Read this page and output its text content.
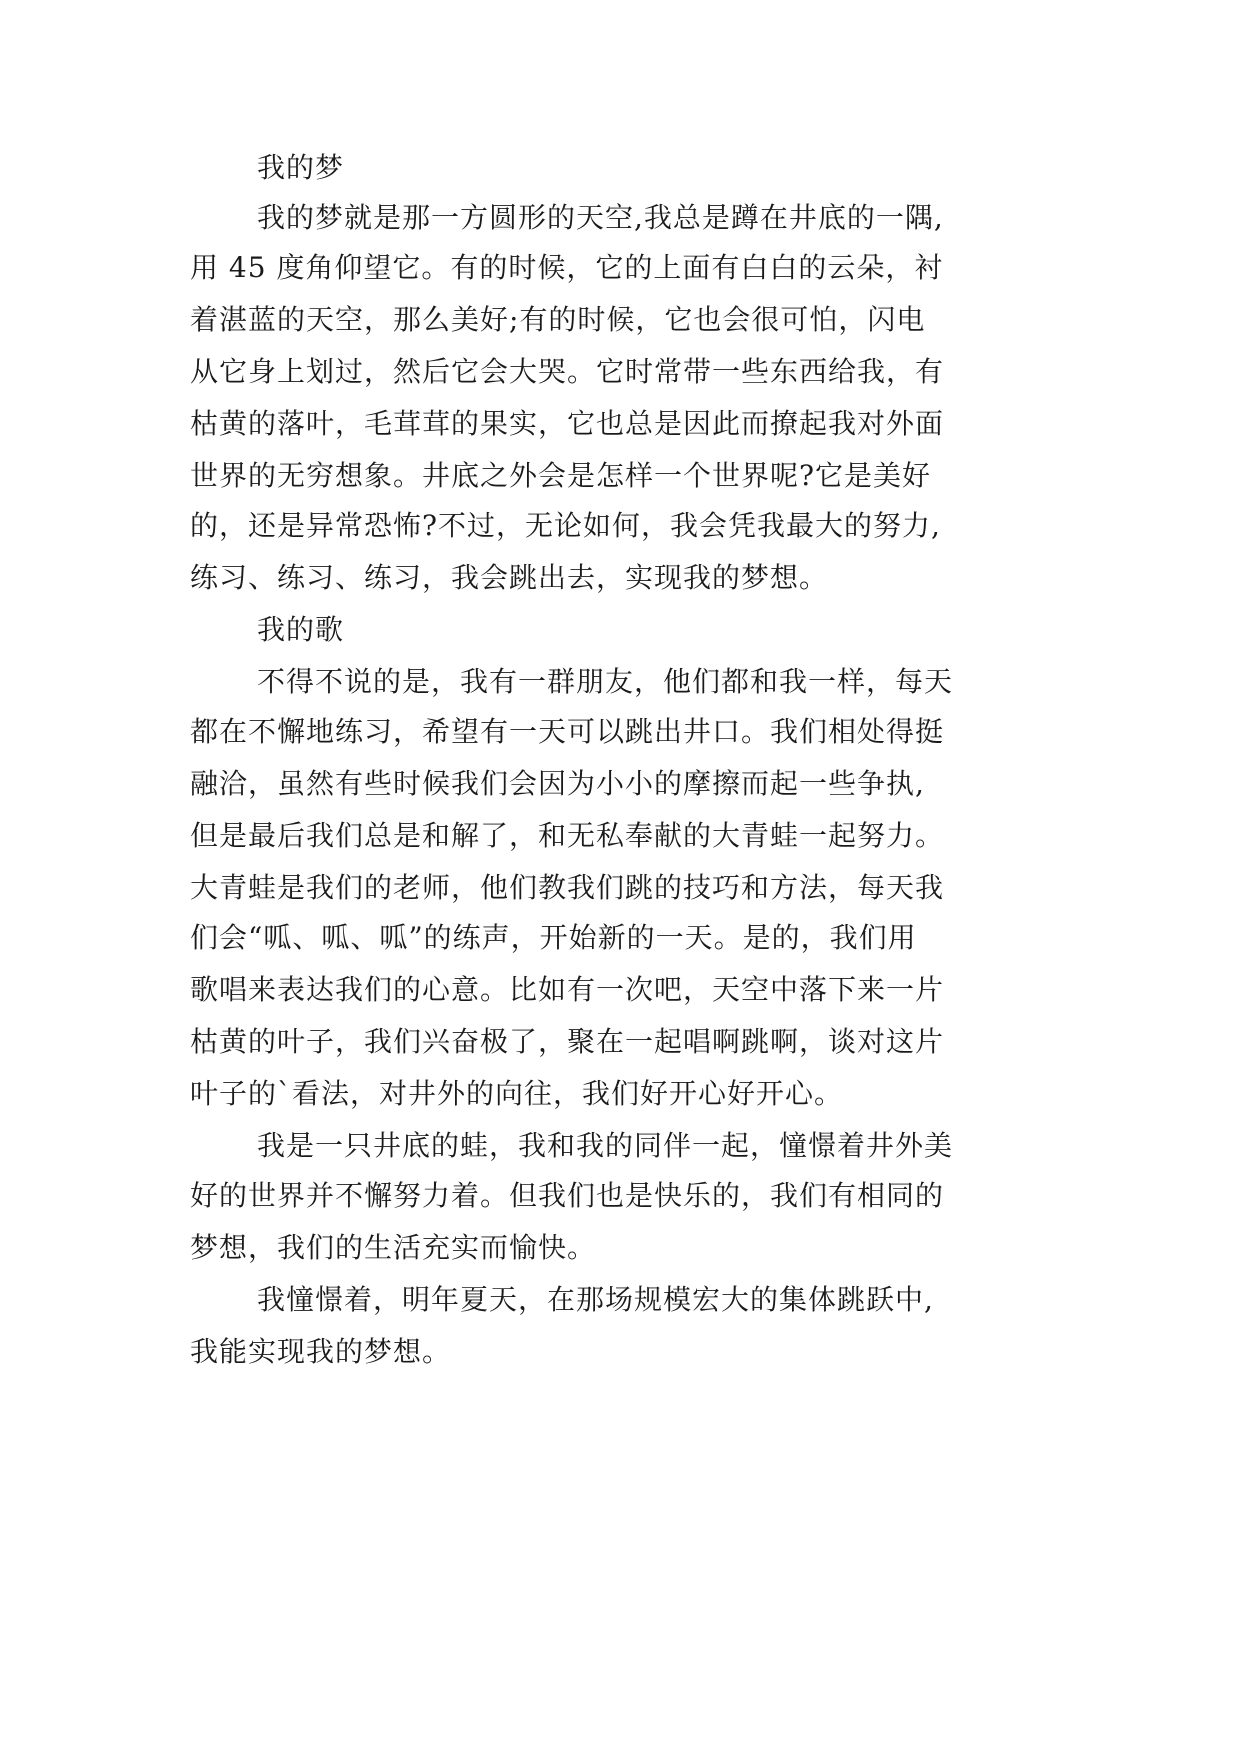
我的梦
我的梦就是那一方圆形的天空,我总是蹲在井底的一隅,
用 45 度角仰望它。有的时候，它的上面有白白的云朵，衬
着湛蓝的天空，那么美好;有的时候，它也会很可怕，闪电
从它身上划过，然后它会大哭。它时常带一些东西给我，有
枯黄的落叶，毛茸茸的果实，它也总是因此而撩起我对外面
世界的无穷想象。井底之外会是怎样一个世界呢?它是美好
的，还是异常恐怖?不过，无论如何，我会凭我最大的努力,
练习、练习、练习，我会跳出去，实现我的梦想。
我的歌
不得不说的是，我有一群朋友，他们都和我一样，每天
都在不懈地练习，希望有一天可以跳出井口。我们相处得挺
融洽，虽然有些时候我们会因为小小的摩擦而起一些争执,
但是最后我们总是和解了，和无私奉献的大青蛙一起努力。
大青蛙是我们的老师，他们教我们跳的技巧和方法，每天我
们会“呱、呱、呱”的练声，开始新的一天。是的，我们用
歌唱来表达我们的心意。比如有一次吧，天空中落下来一片
枯黄的叶子，我们兴奋极了，聚在一起唱啊跳啊，谈对这片
叶子的`看法，对井外的向往，我们好开心好开心。
我是一只井底的蛙，我和我的同伴一起，憧憬着井外美
好的世界并不懈努力着。但我们也是快乐的，我们有相同的
梦想，我们的生活充实而愉快。
我憧憬着，明年夏天，在那场规模宏大的集体跳跃中,
我能实现我的梦想。
